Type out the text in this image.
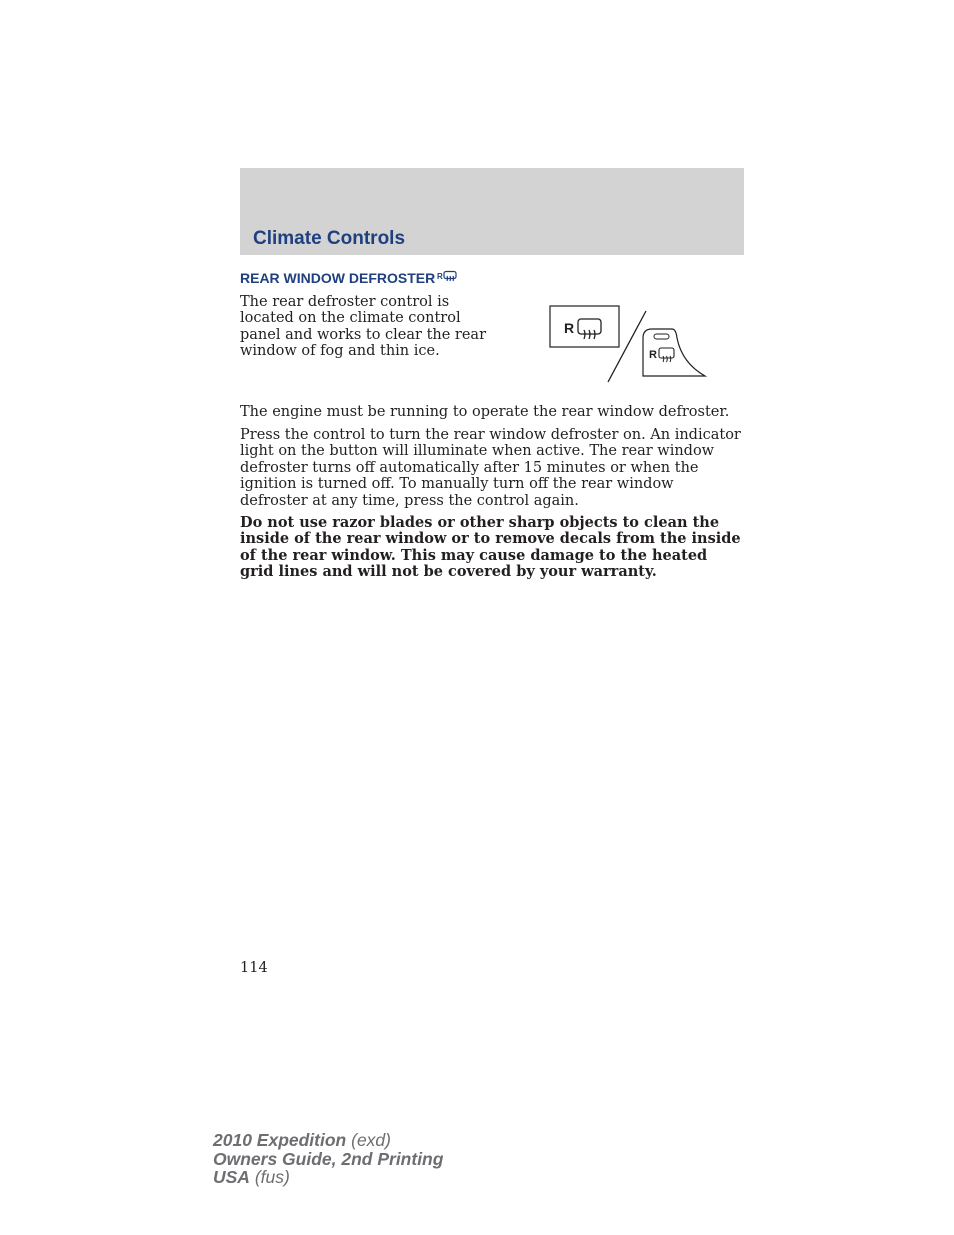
Climate Controls
REAR WINDOW DEFROSTER R
The rear defroster control is located on the climate control panel and works to clear the rear window of fog and thin ice.
R
R
The engine must be running to operate the rear window defroster.
Press the control to turn the rear window defroster on. An indicator light on the button will illuminate when active. The rear window defroster turns off automatically after 15 minutes or when the ignition is turned off. To manually turn off the rear window defroster at any time, press the control again.
Do not use razor blades or other sharp objects to clean the inside of the rear window or to remove decals from the inside of the rear window. This may cause damage to the heated grid lines and will not be covered by your warranty.
114
2010 Expedition (exd)
Owners Guide, 2nd Printing
USA (fus)
